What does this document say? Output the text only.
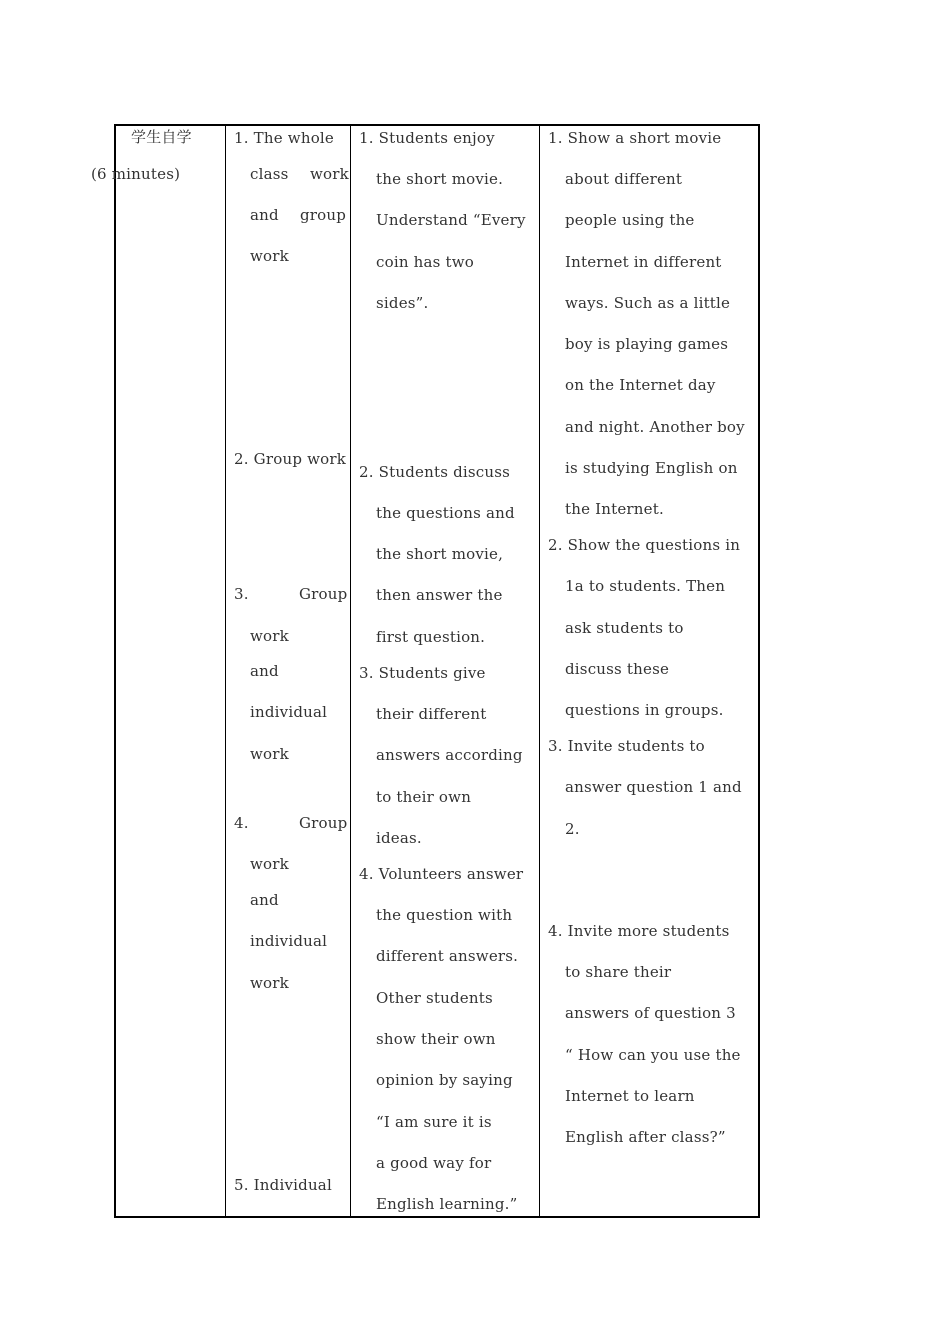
学生自学
(6 minutes)
1. The whole
class work
and group
work
2. Group work
3.	Group
work
and
individual
work
4.	Group
work
and
individual
work
5. Individual
1. Students enjoy
the short movie.
Understand “Every
coin has two
sides”.
2. Students discuss
the questions and
the short movie,
then answer the
first question.
3. Students give
their different
answers according
to their own
ideas.
4. Volunteers answer
the question with
different answers.
Other students
show their own
opinion by saying
“I am sure it is
a good way for
English learning.”
1. Show a short movie
about different
people using the
Internet in different
ways. Such as a little
boy is playing games
on the Internet day
and night. Another boy
is studying English on
the Internet.
2. Show the questions in
1a to students. Then
ask students to
discuss these
questions in groups.
3. Invite students to
answer question 1 and
2.
4. Invite more students
to share their
answers of question 3
“ How can you use the
Internet to learn
English after class?”
